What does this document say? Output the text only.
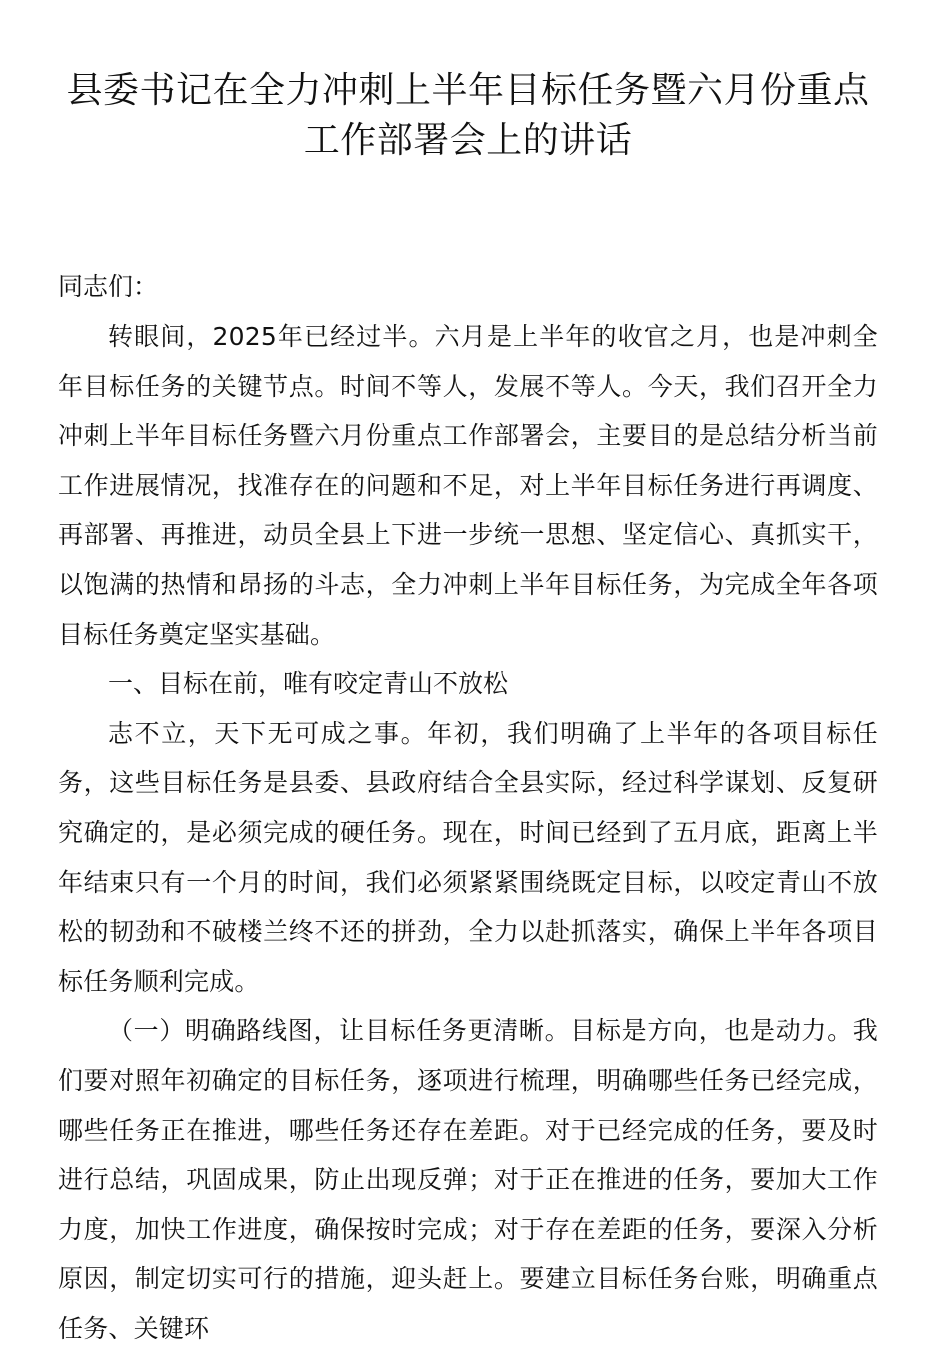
县委书记在全力冲刺上半年目标任务暨六月份重点工作部署会上的讲话

同志们：

转眼间，2025年已经过半。六月是上半年的收官之月，也是冲刺全年目标任务的关键节点。时间不等人，发展不等人。今天，我们召开全力冲刺上半年目标任务暨六月份重点工作部署会，主要目的是总结分析当前工作进展情况，找准存在的问题和不足，对上半年目标任务进行再调度、再部署、再推进，动员全县上下进一步统一思想、坚定信心、真抓实干，以饱满的热情和昂扬的斗志，全力冲刺上半年目标任务，为完成全年各项目标任务奠定坚实基础。

一、目标在前，唯有咬定青山不放松

志不立，天下无可成之事。年初，我们明确了上半年的各项目标任务，这些目标任务是县委、县政府结合全县实际，经过科学谋划、反复研究确定的，是必须完成的硬任务。现在，时间已经到了五月底，距离上半年结束只有一个月的时间，我们必须紧紧围绕既定目标，以咬定青山不放松的韧劲和不破楼兰终不还的拼劲，全力以赴抓落实，确保上半年各项目标任务顺利完成。

（一）明确路线图，让目标任务更清晰。目标是方向，也是动力。我们要对照年初确定的目标任务，逐项进行梳理，明确哪些任务已经完成，哪些任务正在推进，哪些任务还存在差距。对于已经完成的任务，要及时进行总结，巩固成果，防止出现反弹；对于正在推进的任务，要加大工作力度，加快工作进度，确保按时完成；对于存在差距的任务，要深入分析原因，制定切实可行的措施，迎头赶上。要建立目标任务台账，明确重点任务、关键环
